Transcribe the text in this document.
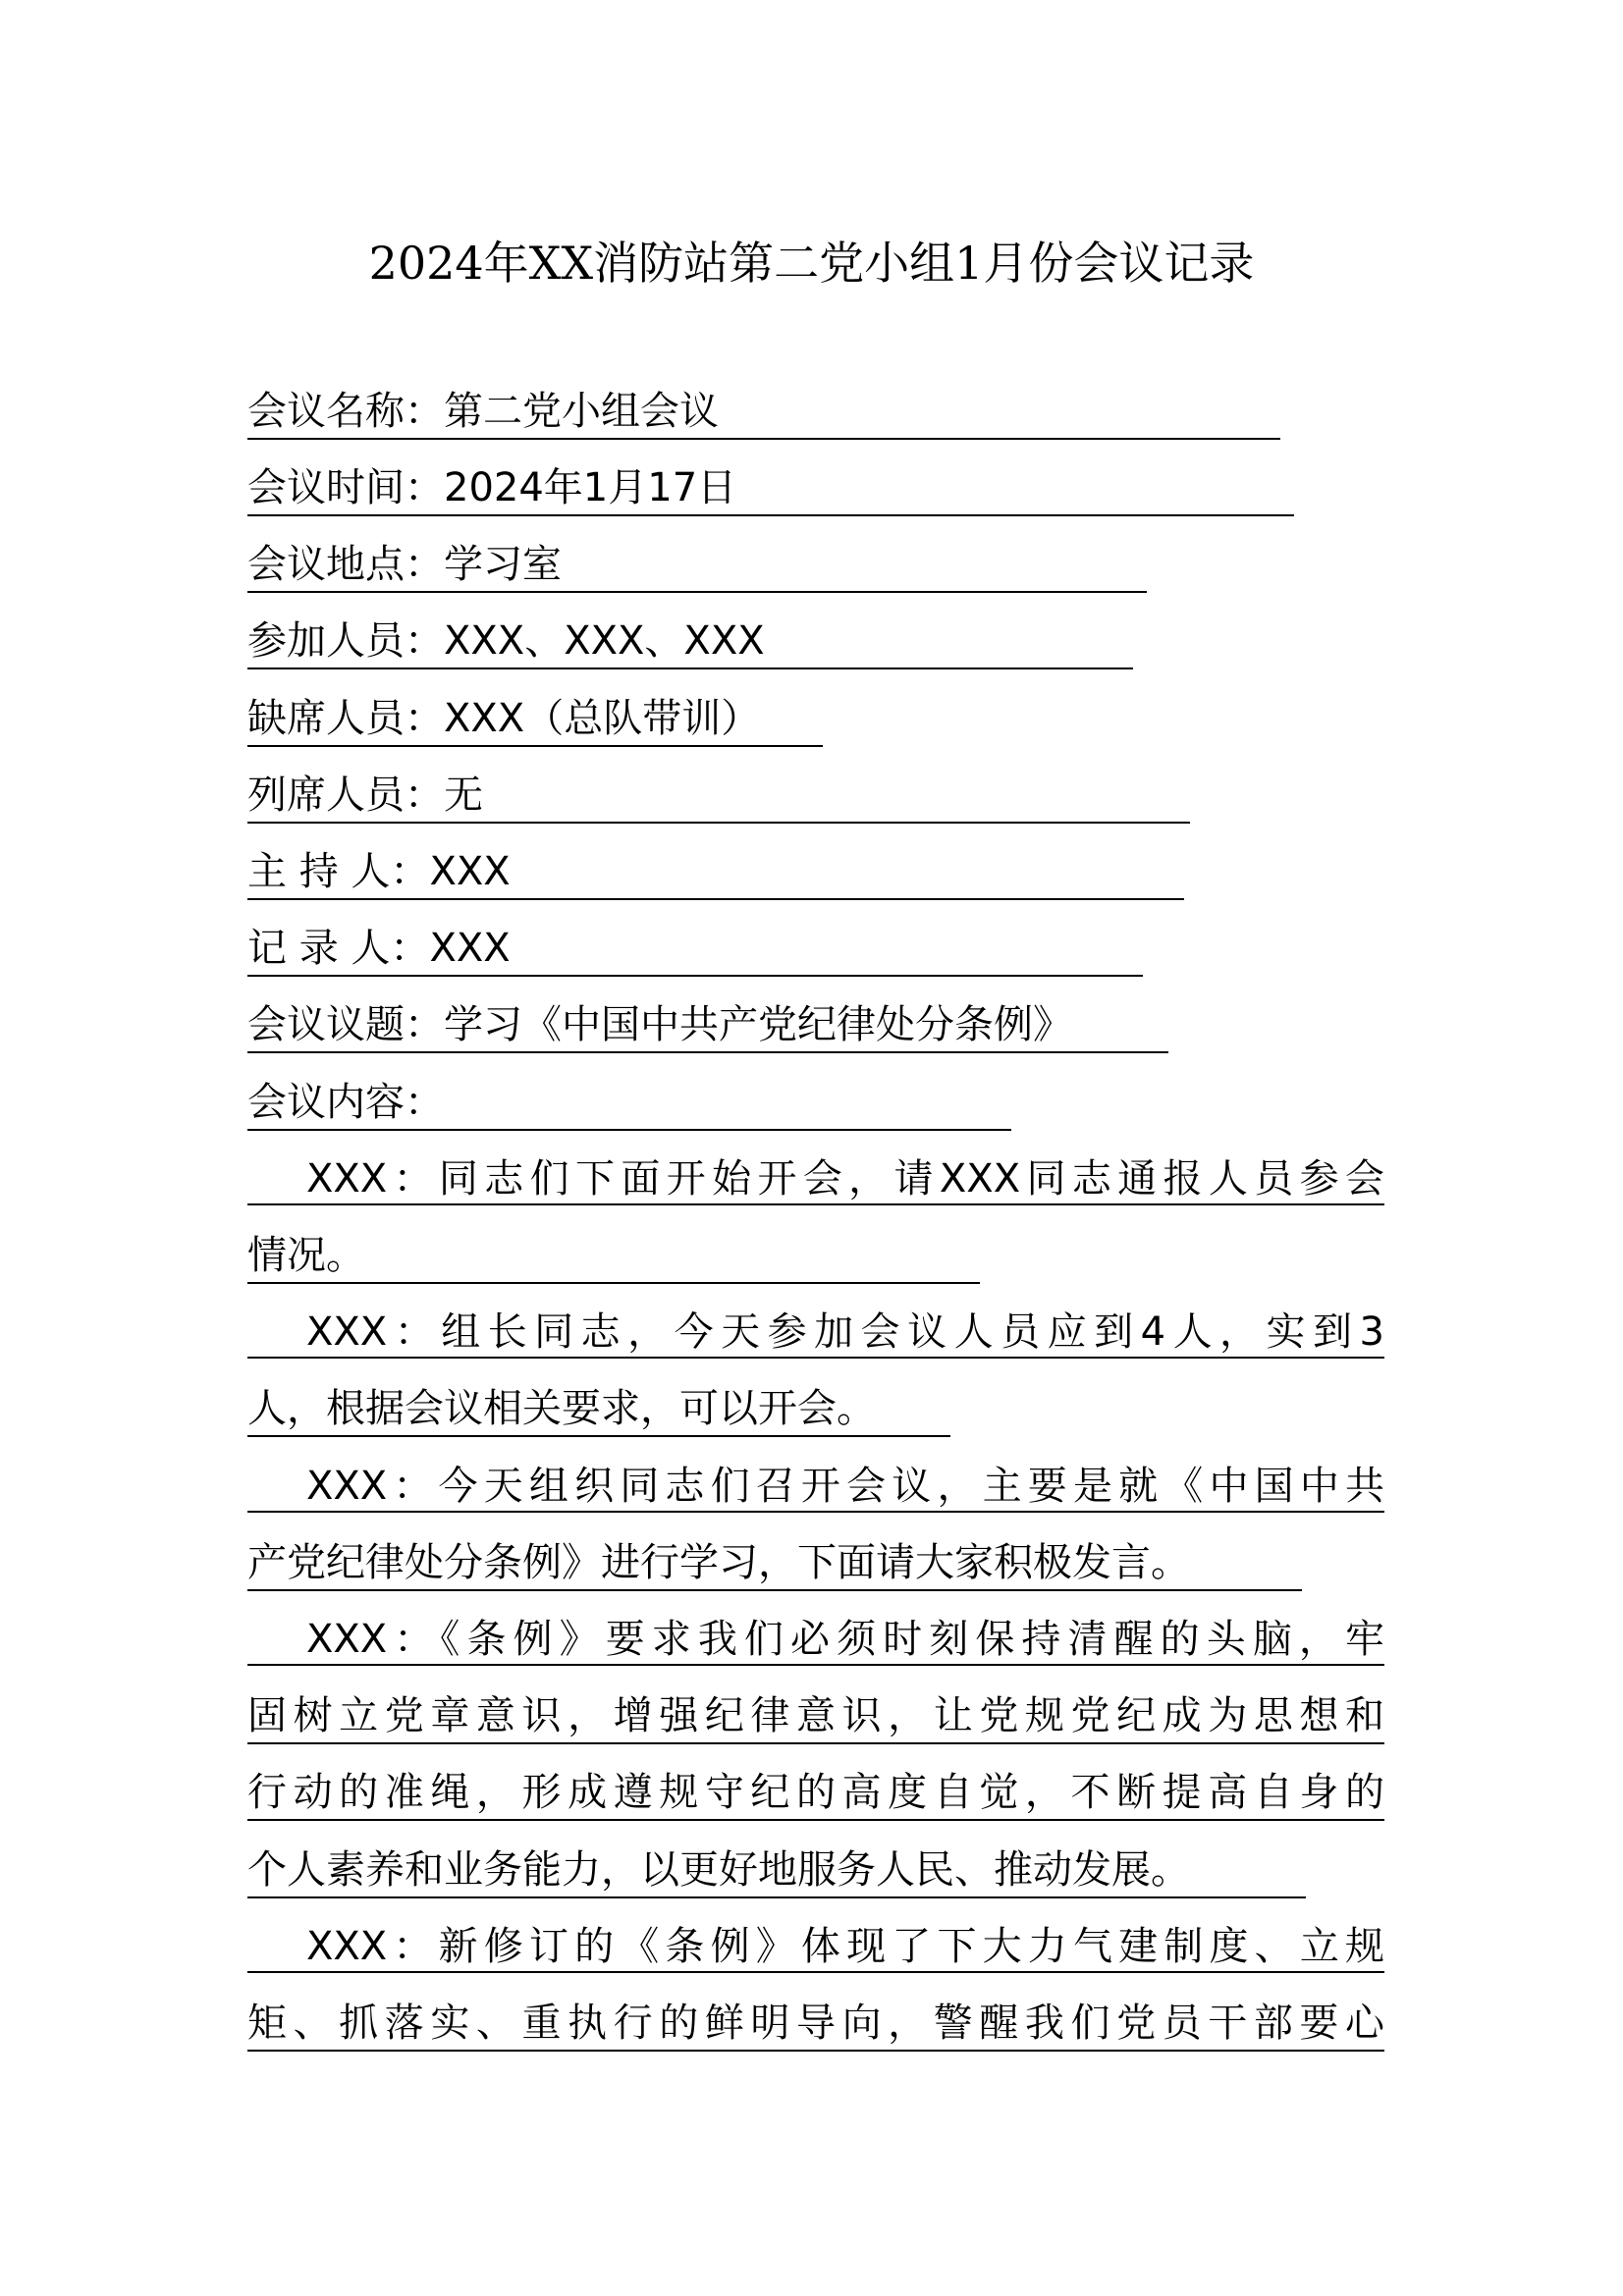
2024年XX消防站第二党小组1月份会议记录
会议名称：第二党小组会议
会议时间：2024年1月17日
会议地点：学习室
参加人员：XXX、XXX、XXX
缺席人员：XXX（总队带训）
列席人员：无
主 持 人：XXX
记 录 人：XXX
会议议题：学习《中国中共产党纪律处分条例》
会议内容：
XXX：同志们下面开始开会，请XXX同志通报人员参会
情况。
XXX：组长同志，今天参加会议人员应到4人，实到3
人，根据会议相关要求，可以开会。
XXX：今天组织同志们召开会议，主要是就《中国中共
产党纪律处分条例》进行学习，下面请大家积极发言。
XXX：《条例》要求我们必须时刻保持清醒的头脑，牢
固树立党章意识，增强纪律意识，让党规党纪成为思想和
行动的准绳，形成遵规守纪的高度自觉，不断提高自身的
个人素养和业务能力，以更好地服务人民、推动发展。
XXX：新修订的《条例》体现了下大力气建制度、立规
矩、抓落实、重执行的鲜明导向，警醒我们党员干部要心
